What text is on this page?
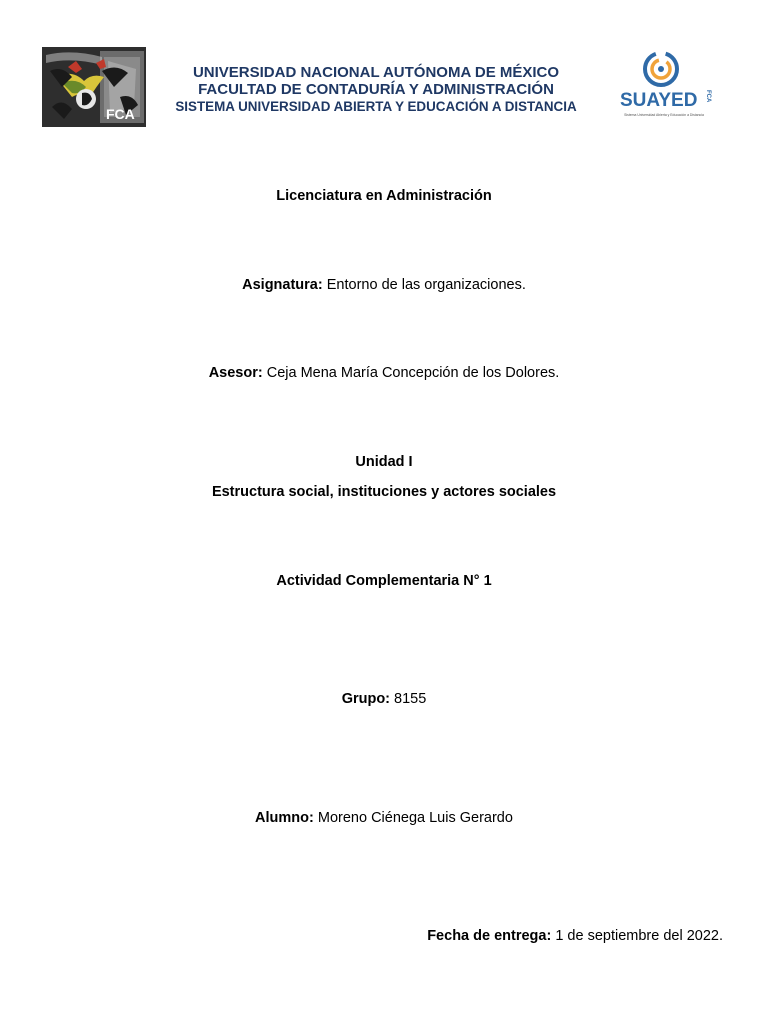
FCA
UNIVERSIDAD NACIONAL AUTÓNOMA DE MÉXICO
FACULTAD DE CONTADURÍA Y ADMINISTRACIÓN
SISTEMA UNIVERSIDAD ABIERTA Y EDUCACIÓN A DISTANCIA	SUAYED FCA
Sistema Universidad Abierta y Educación a Distancia
Licenciatura en Administración
Asignatura: Entorno de las organizaciones.
Asesor: Ceja Mena María Concepción de los Dolores.
Unidad I
Estructura social, instituciones y actores sociales
Actividad Complementaria N° 1
Grupo: 8155
Alumno: Moreno Ciénega Luis Gerardo
Fecha de entrega: 1 de septiembre del 2022.
